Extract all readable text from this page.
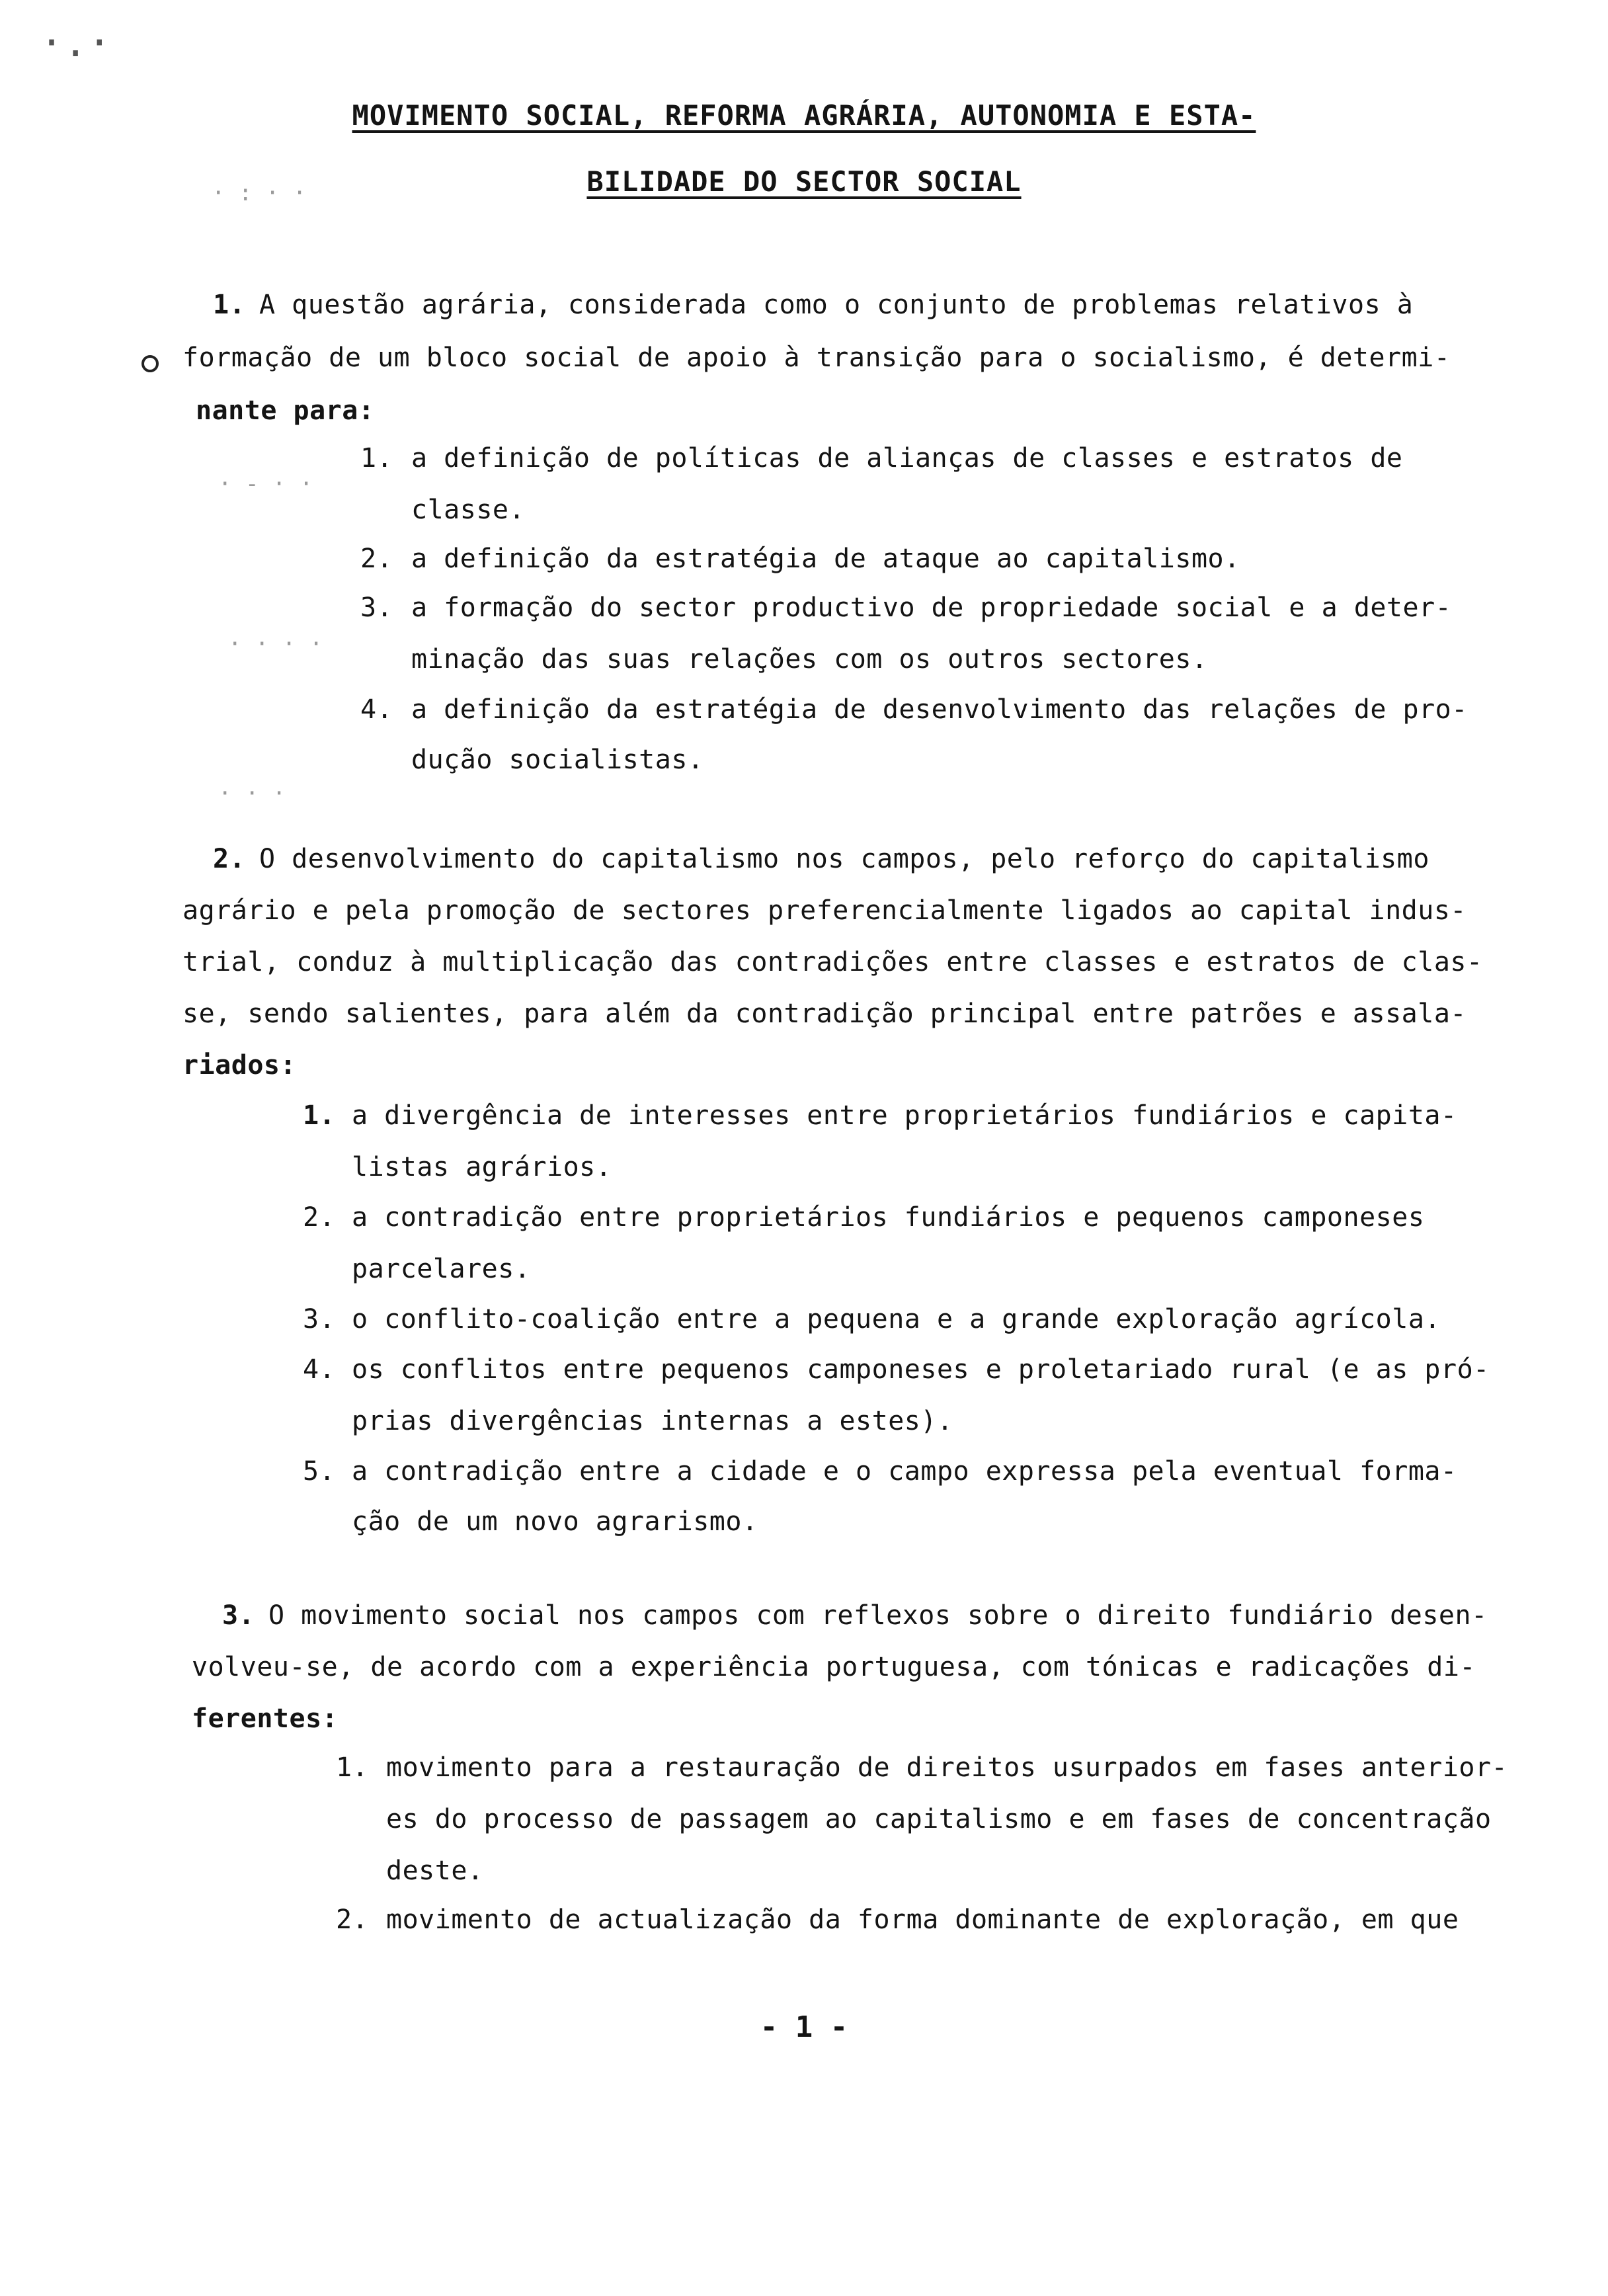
·.·
· : · ·
· - · ·
· · · ·
· · ·
MOVIMENTO SOCIAL, REFORMA AGRÁRIA, AUTONOMIA E ESTA-
BILIDADE DO SECTOR SOCIAL
1. A questão agrária, considerada como o conjunto de problemas relativos à
formação de um bloco social de apoio à transição para o socialismo, é determi-
nante para:
1. a definição de políticas de alianças de classes e estratos de
classe.
2. a definição da estratégia de ataque ao capitalismo.
3. a formação do sector productivo de propriedade social e a deter-
minação das suas relações com os outros sectores.
4. a definição da estratégia de desenvolvimento das relações de pro-
dução socialistas.
2. O desenvolvimento do capitalismo nos campos, pelo reforço do capitalismo
agrário e pela promoção de sectores preferencialmente ligados ao capital indus-
trial, conduz à multiplicação das contradições entre classes e estratos de clas-
se, sendo salientes, para além da contradição principal entre patrões e assala-
riados:
1. a divergência de interesses entre proprietários fundiários e capita-
listas agrários.
2. a contradição entre proprietários fundiários e pequenos camponeses
parcelares.
3. o conflito-coalição entre a pequena e a grande exploração agrícola.
4. os conflitos entre pequenos camponeses e proletariado rural (e as pró-
prias divergências internas a estes).
5. a contradição entre a cidade e o campo expressa pela eventual forma-
ção de um novo agrarismo.
3. O movimento social nos campos com reflexos sobre o direito fundiário desen-
volveu-se, de acordo com a experiência portuguesa, com tónicas e radicações di-
ferentes:
1. movimento para a restauração de direitos usurpados em fases anterior-
es do processo de passagem ao capitalismo e em fases de concentração
deste.
2. movimento de actualização da forma dominante de exploração, em que
- 1 -
